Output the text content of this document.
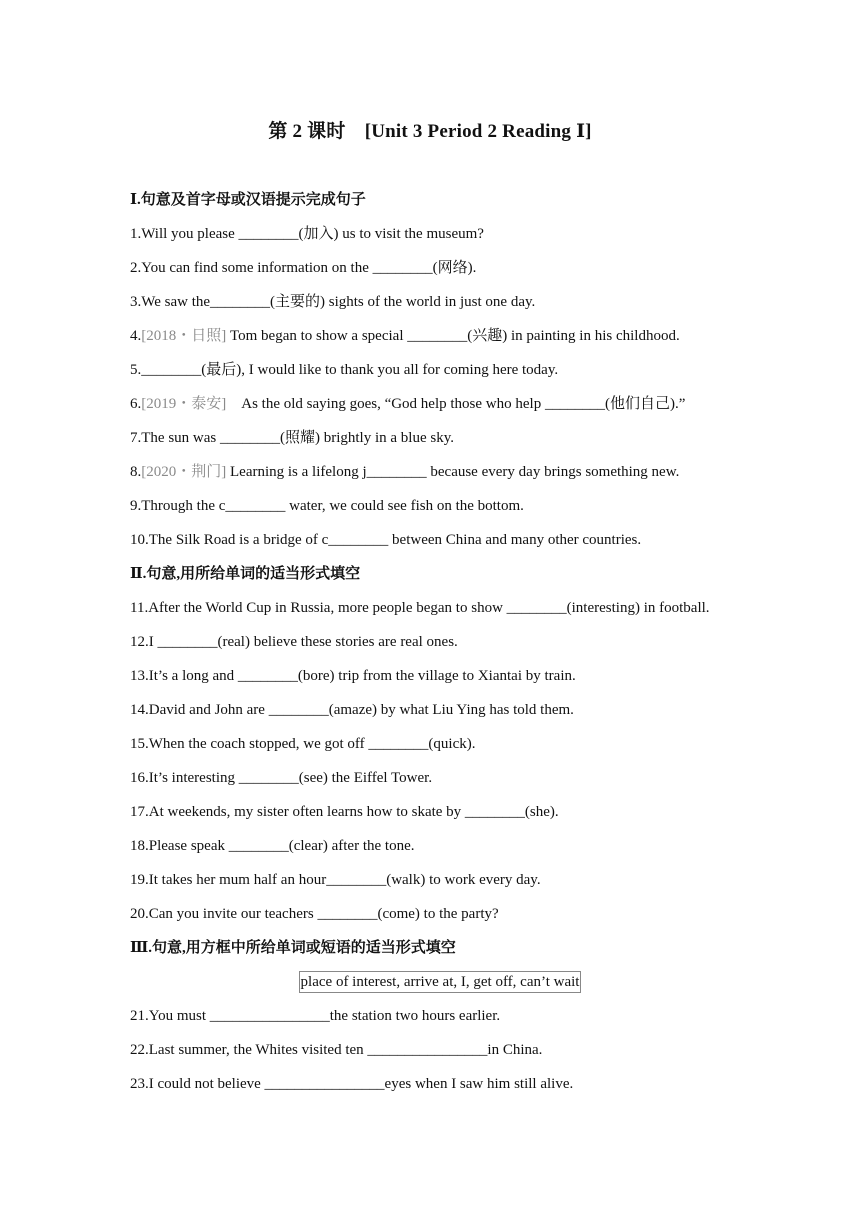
第 2 课时　[Unit 3 Period 2 Reading Ⅰ]
Ⅰ.句意及首字母或汉语提示完成句子
1.Will you please ________(加入) us to visit the museum?
2.You can find some information on the ________(网络).
3.We saw the________(主要的) sights of the world in just one day.
4.[2018・日照] Tom began to show a special ________(兴趣) in painting in his childhood.
5.________(最后), I would like to thank you all for coming here today.
6.[2019・泰安]　As the old saying goes, “God help those who help ________(他们自己).”
7.The sun was ________(照耀) brightly in a blue sky.
8.[2020・荆门] Learning is a lifelong j________ because every day brings something new.
9.Through the c________ water, we could see fish on the bottom.
10.The Silk Road is a bridge of c________ between China and many other countries.
Ⅱ.句意,用所给单词的适当形式填空
11.After the World Cup in Russia, more people began to show ________(interesting) in football.
12.I ________(real) believe these stories are real ones.
13.It’s a long and ________(bore) trip from the village to Xiantai by train.
14.David and John are ________(amaze) by what Liu Ying has told them.
15.When the coach stopped, we got off ________(quick).
16.It’s interesting ________(see) the Eiffel Tower.
17.At weekends, my sister often learns how to skate by ________(she).
18.Please speak ________(clear) after the tone.
19.It takes her mum half an hour________(walk) to work every day.
20.Can you invite our teachers ________(come) to the party?
Ⅲ.句意,用方框中所给单词或短语的适当形式填空
place of interest, arrive at, I, get off, can’t wait
21.You must ________________the station two hours earlier.
22.Last summer, the Whites visited ten ________________in China.
23.I could not believe ________________eyes when I saw him still alive.
